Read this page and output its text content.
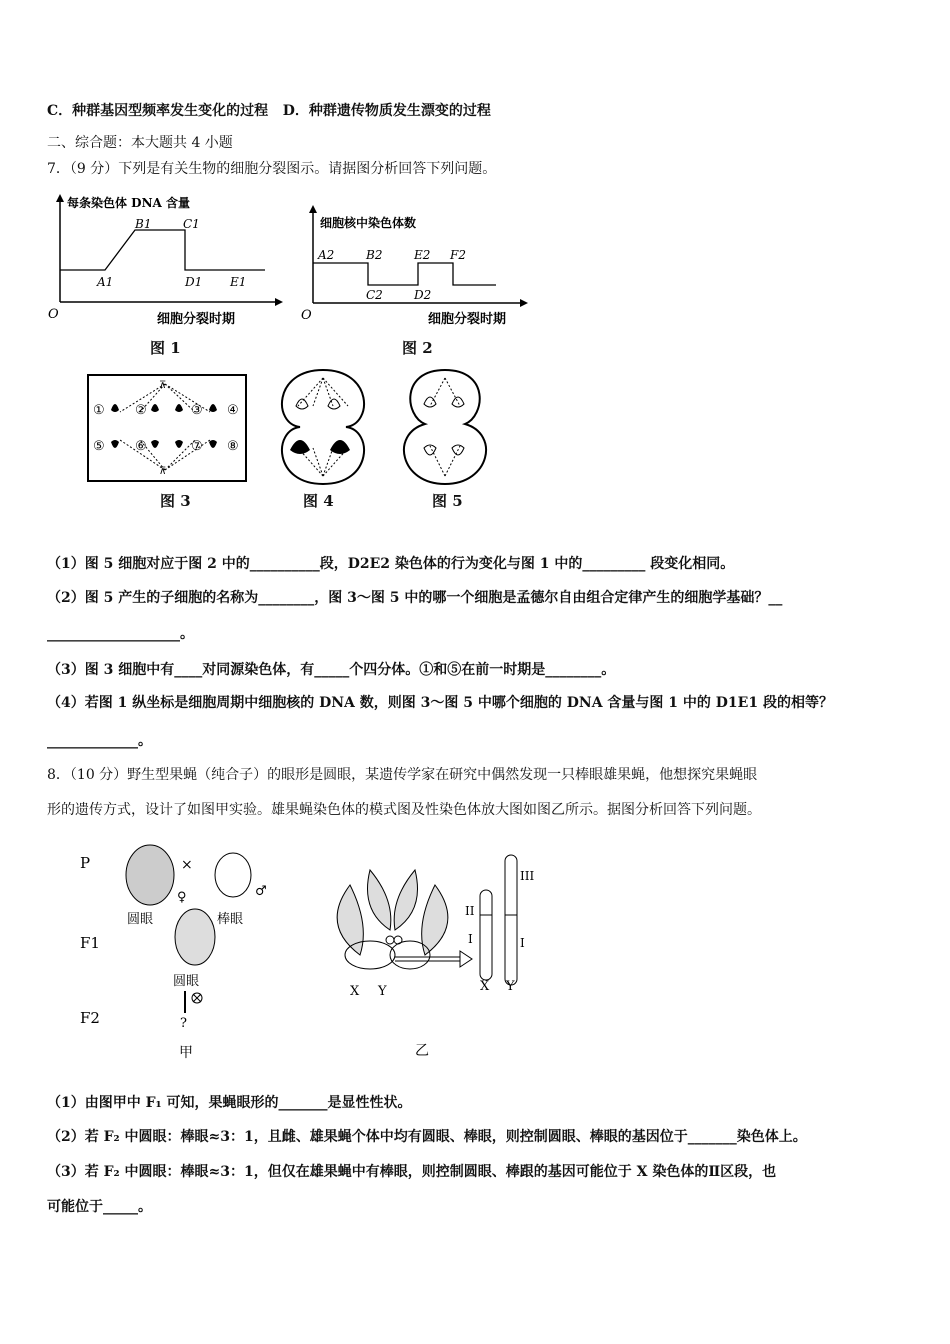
C．种群基因型频率发生变化的过程 D．种群遗传物质发生漂变的过程
二、综合题：本大题共 4 小题
7．（9 分）下列是有关生物的细胞分裂图示。请据图分析回答下列问题。
每条染色体 DNA 含量
细胞分裂时期
O
A1
B1	C1
D1 E1
图 1
细胞核中染色体数
细胞分裂时期
O
A2	B2
C2	D2
E2 F2
图 2
⊼
⊼
① ②	③ ④
⑤ ⑥	⑦ ⑧
图 3	图 4	图 5
（1）图 5 细胞对应于图 2 中的__________段，D2E2 染色体的行为变化与图 1 中的_________ 段变化相同。
（2）图 5 产生的子细胞的名称为________，图 3～图 5 中的哪一个细胞是孟德尔自由组合定律产生的细胞学基础？__
___________________。
（3）图 3 细胞中有____对同源染色体，有_____个四分体。①和⑤在前一时期是________。
（4）若图 1 纵坐标是细胞周期中细胞核的 DNA 数，则图 3～图 5 中哪个细胞的 DNA 含量与图 1 中的 D1E1 段的相等？
_____________。
8．（10 分）野生型果蝇（纯合子）的眼形是圆眼，某遗传学家在研究中偶然发现一只棒眼雄果蝇，他想探究果蝇眼
形的遗传方式，设计了如图甲实验。雄果蝇染色体的模式图及性染色体放大图如图乙所示。据图分析回答下列问题。
P
F1
F2
×
♀	♂
圆眼	棒眼
圆眼
?
甲
X Y
II
I
III
I
X Y
乙
（1）由图甲中 F₁ 可知，果蝇眼形的_______是显性性状。
（2）若 F₂ 中圆眼：棒眼≈3：1，且雌、雄果蝇个体中均有圆眼、棒眼，则控制圆眼、棒眼的基因位于_______染色体上。
（3）若 F₂ 中圆眼：棒眼≈3：1，但仅在雄果蝇中有棒眼，则控制圆眼、棒跟的基因可能位于 X 染色体的Ⅱ区段，也
可能位于_____。
